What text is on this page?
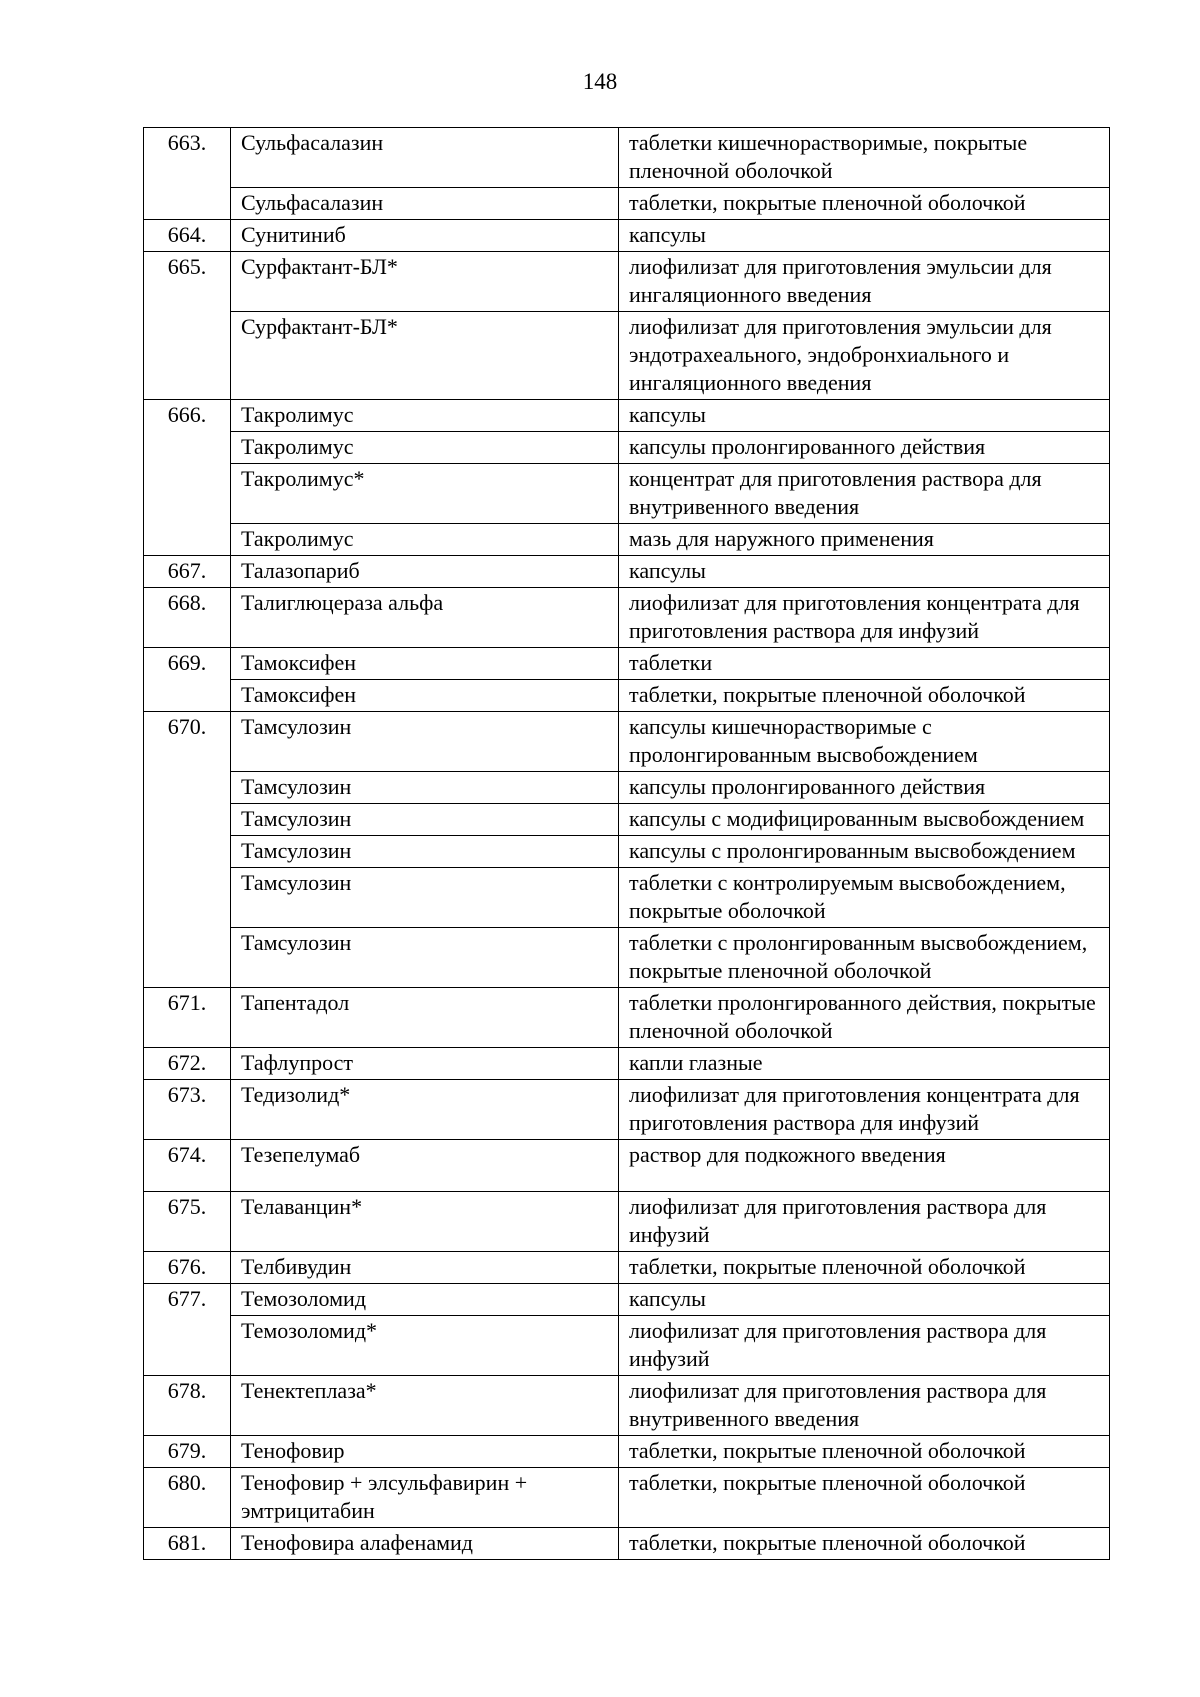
148
663.	Сульфасалазин	таблетки кишечнорастворимые, покрытые пленочной оболочкой
	Сульфасалазин	таблетки, покрытые пленочной оболочкой
664.	Сунитиниб	капсулы
665.	Сурфактант-БЛ*	лиофилизат для приготовления эмульсии для ингаляционного введения
	Сурфактант-БЛ*	лиофилизат для приготовления эмульсии для эндотрахеального, эндобронхиального и ингаляционного введения
666.	Такролимус	капсулы
	Такролимус	капсулы пролонгированного действия
	Такролимус*	концентрат для приготовления раствора для внутривенного введения
	Такролимус	мазь для наружного применения
667.	Талазопариб	капсулы
668.	Талиглюцераза альфа	лиофилизат для приготовления концентрата для приготовления раствора для инфузий
669.	Тамоксифен	таблетки
	Тамоксифен	таблетки, покрытые пленочной оболочкой
670.	Тамсулозин	капсулы кишечнорастворимые с пролонгированным высвобождением
	Тамсулозин	капсулы пролонгированного действия
	Тамсулозин	капсулы с модифицированным высвобождением
	Тамсулозин	капсулы с пролонгированным высвобождением
	Тамсулозин	таблетки с контролируемым высвобождением, покрытые оболочкой
	Тамсулозин	таблетки с пролонгированным высвобождением, покрытые пленочной оболочкой
671.	Тапентадол	таблетки пролонгированного действия, покрытые пленочной оболочкой
672.	Тафлупрост	капли глазные
673.	Тедизолид*	лиофилизат для приготовления концентрата для приготовления раствора для инфузий
674.	Тезепелумаб	раствор для подкожного введения
675.	Телаванцин*	лиофилизат для приготовления раствора для инфузий
676.	Телбивудин	таблетки, покрытые пленочной оболочкой
677.	Темозоломид	капсулы
	Темозоломид*	лиофилизат для приготовления раствора для инфузий
678.	Тенектеплаза*	лиофилизат для приготовления раствора для внутривенного введения
679.	Тенофовир	таблетки, покрытые пленочной оболочкой
680.	Тенофовир + элсульфавирин + эмтрицитабин	таблетки, покрытые пленочной оболочкой
681.	Тенофовира алафенамид	таблетки, покрытые пленочной оболочкой
